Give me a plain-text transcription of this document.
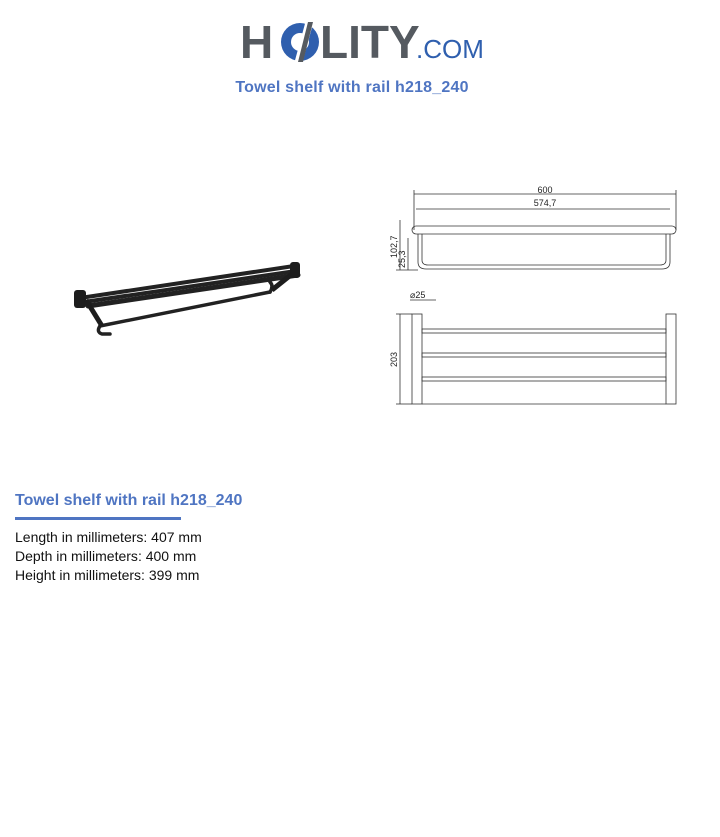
H LITY
.COM
Towel shelf with rail h218_240
600
574,7
102,7
25,3
⌀25
203
Towel shelf with rail h218_240
Length in millimeters: 407 mm
Depth in millimeters: 400 mm
Height in millimeters: 399 mm
